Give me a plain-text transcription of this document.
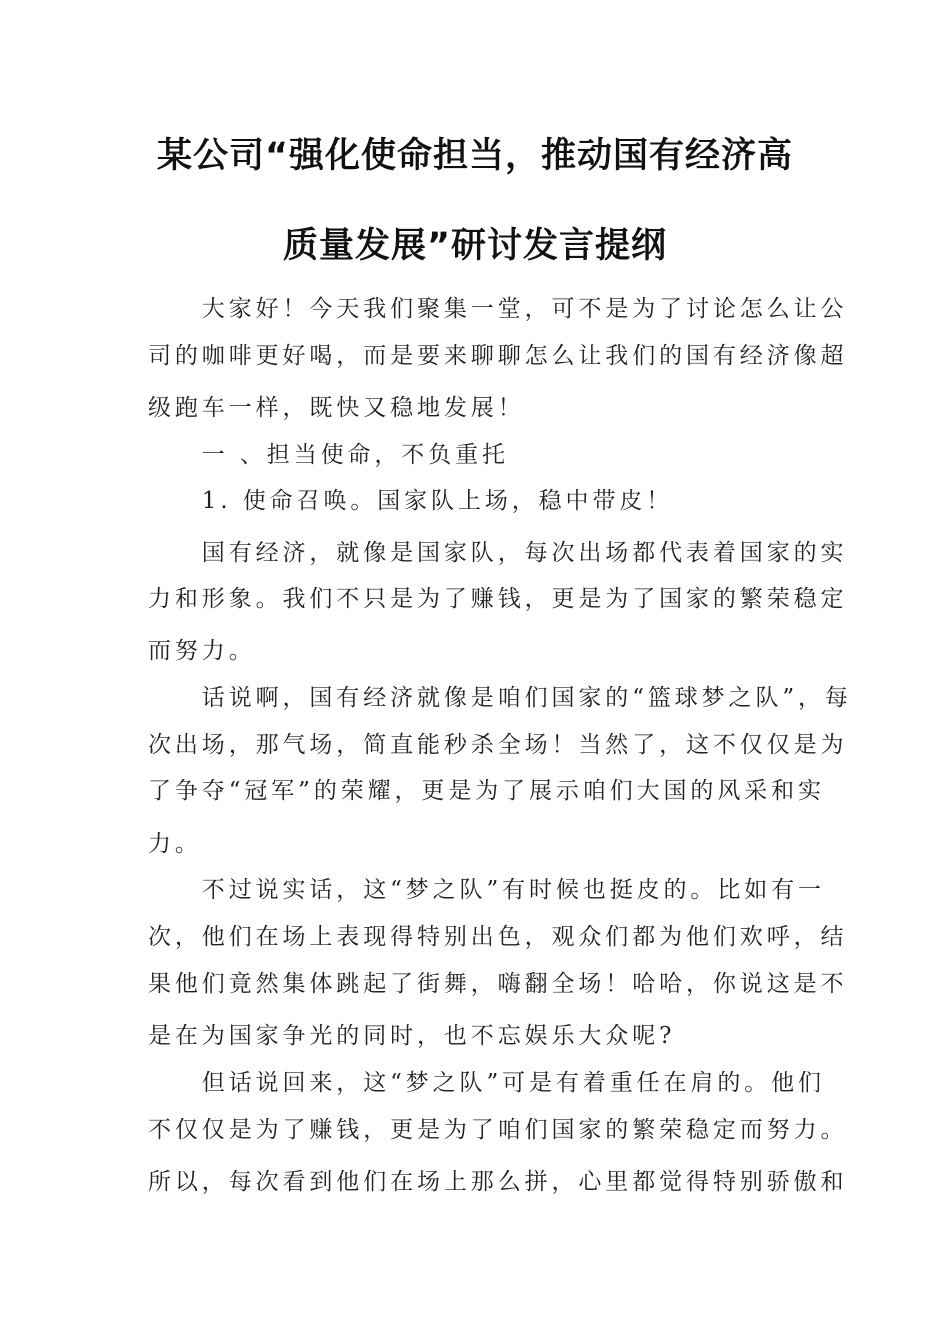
某公司“强化使命担当，推动国有经济高
质量发展”研讨发言提纲
　　大家好！今天我们聚集一堂，可不是为了讨论怎么让公
司的咖啡更好喝，而是要来聊聊怎么让我们的国有经济像超
级跑车一样，既快又稳地发展！
　　一 、担当使命，不负重托
　　1. 使命召唤。国家队上场，稳中带皮！
　　国有经济，就像是国家队，每次出场都代表着国家的实
力和形象。我们不只是为了赚钱，更是为了国家的繁荣稳定
而努力。
　　话说啊，国有经济就像是咱们国家的“篮球梦之队”，每
次出场，那气场，简直能秒杀全场！当然了，这不仅仅是为
了争夺“冠军”的荣耀，更是为了展示咱们大国的风采和实
力。
　　不过说实话，这“梦之队”有时候也挺皮的。比如有一
次，他们在场上表现得特别出色，观众们都为他们欢呼，结
果他们竟然集体跳起了街舞，嗨翻全场！哈哈，你说这是不
是在为国家争光的同时，也不忘娱乐大众呢?
　　但话说回来，这“梦之队”可是有着重任在肩的。他们
不仅仅是为了赚钱，更是为了咱们国家的繁荣稳定而努力。
所以，每次看到他们在场上那么拼，心里都觉得特别骄傲和
